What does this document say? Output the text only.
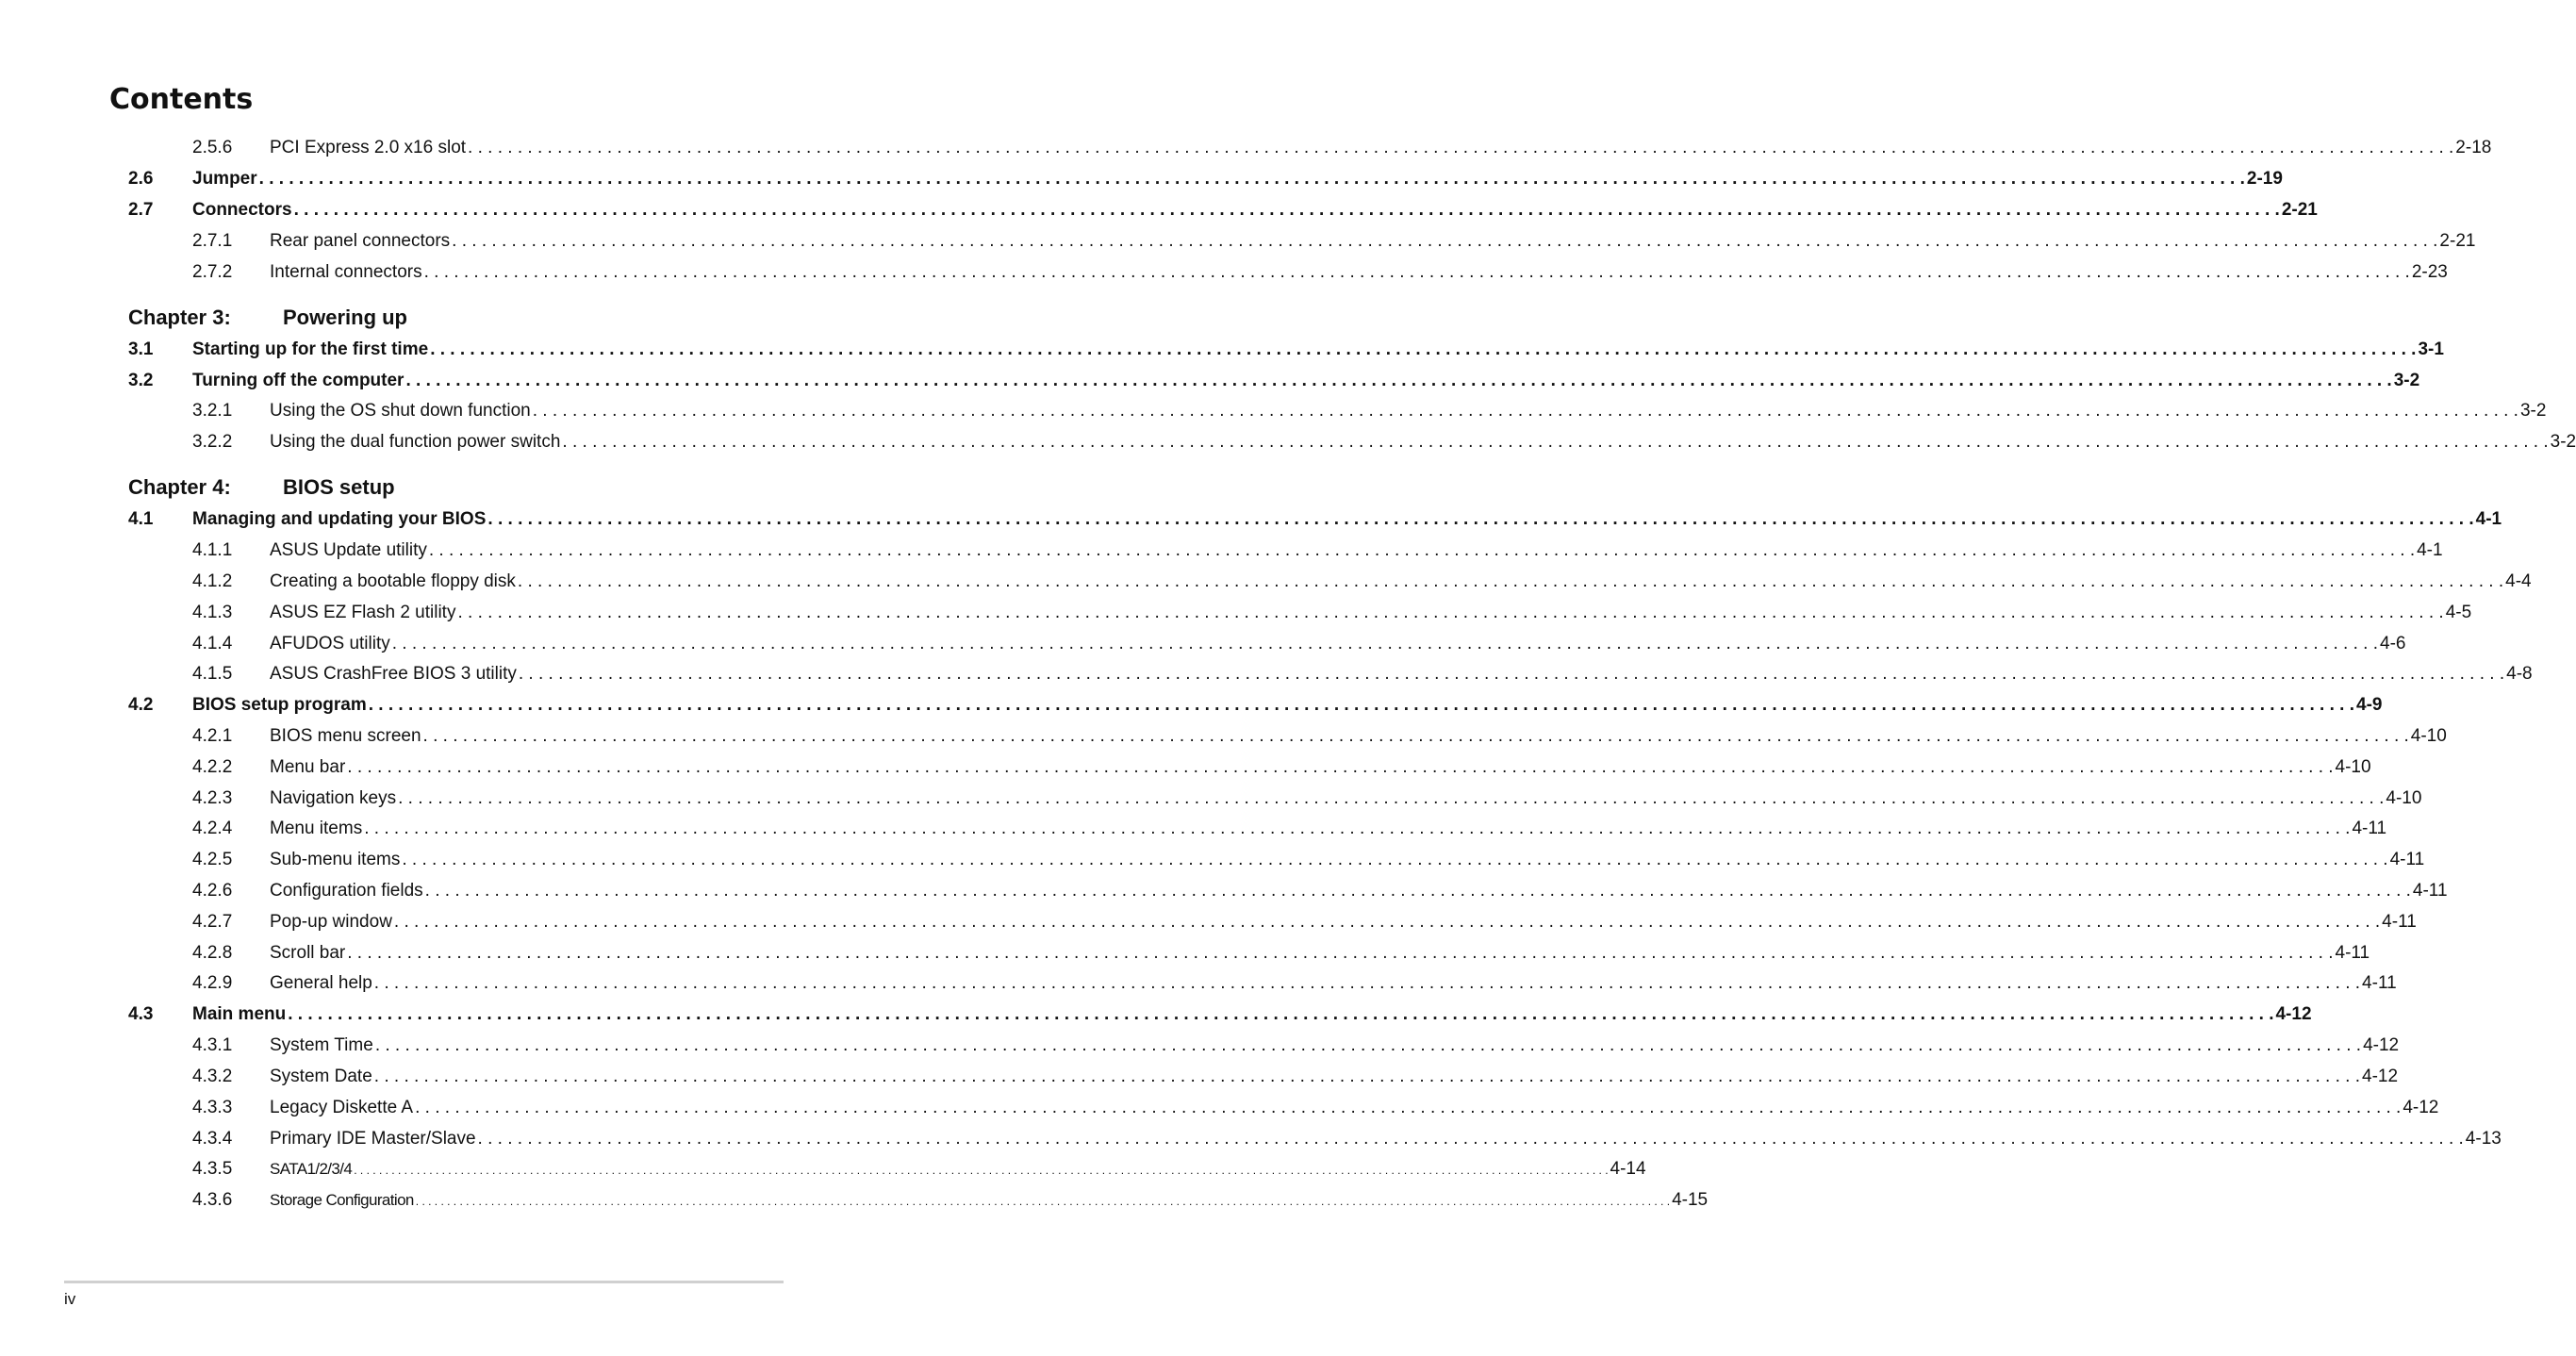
Contents
2.5.6 PCI Express 2.0 x16 slot . . . . . . . . . . . . . . . . . . . . . . . . . . . . . . . . . . . . . . . . . . . . . . . . . . . . . . . . . . . . . . . . . . . . . . . . . . . . . . . . . . . . . . . . . . . . . . . . . . . . . . . . . . . . . . . . . . . . . . . . . . . . . . . . . . . . . . . . . . . . . . . . . . . . . . . . . . . . . . . . . . . . . . . . . . . . . . . . . . . . . . . . . . . . . . . . . . . . . . . . 2-18
2.6 Jumper . . . . . . . . . . . . . . . . . . . . . . . . . . . . . . . . . . . . . . . . . . . . . . . . . . . . . . . . . . . . . . . . . . . . . . . . . . . . . . . . . . . . . . . . . . . . . . . . . . . . . . . . . . . . . . . . . . . . . . . . . . . . . . . . . . . . . . . . . . . . . . . . . . . . . . . . . . . . . . . . . . . . . . . . . . . . . . . . . . . . . . . . . . . . . . . . . . . . . . . . 2-19
2.7 Connectors . . . . . . . . . . . . . . . . . . . . . . . . . . . . . . . . . . . . . . . . . . . . . . . . . . . . . . . . . . . . . . . . . . . . . . . . . . . . . . . . . . . . . . . . . . . . . . . . . . . . . . . . . . . . . . . . . . . . . . . . . . . . . . . . . . . . . . . . . . . . . . . . . . . . . . . . . . . . . . . . . . . . . . . . . . . . . . . . . . . . . . . . . . . . . . . . . . . . . . . . 2-21
2.7.1 Rear panel connectors . . . . . . . . . . . . . . . . . . . . . . . . . . . . . . . . . . . . . . . . . . . . . . . . . . . . . . . . . . . . . . . . . . . . . . . . . . . . . . . . . . . . . . . . . . . . . . . . . . . . . . . . . . . . . . . . . . . . . . . . . . . . . . . . . . . . . . . . . . . . . . . . . . . . . . . . . . . . . . . . . . . . . . . . . . . . . . . . . . . . . . . . . . . . . . . . . . . . . . . . 2-21
2.7.2 Internal connectors . . . . . . . . . . . . . . . . . . . . . . . . . . . . . . . . . . . . . . . . . . . . . . . . . . . . . . . . . . . . . . . . . . . . . . . . . . . . . . . . . . . . . . . . . . . . . . . . . . . . . . . . . . . . . . . . . . . . . . . . . . . . . . . . . . . . . . . . . . . . . . . . . . . . . . . . . . . . . . . . . . . . . . . . . . . . . . . . . . . . . . . . . . . . . . . . . . . . . . . . 2-23
Chapter 3:	Powering up
3.1 Starting up for the first time . . . . . . . . . . . . . . . . . . . . . . . . . . . . . . . . . . . . . . . . . . . . . . . . . . . . . . . . . . . . . . . . . . . . . . . . . . . . . . . . . . . . . . . . . . . . . . . . . . . . . . . . . . . . . . . . . . . . . . . . . . . . . . . . . . . . . . . . . . . . . . . . . . . . . . . . . . . . . . . . . . . . . . . . . . . . . . . . . . . . . . . . . . . . . . . . . . . . . . . . 3-1
3.2 Turning off the computer . . . . . . . . . . . . . . . . . . . . . . . . . . . . . . . . . . . . . . . . . . . . . . . . . . . . . . . . . . . . . . . . . . . . . . . . . . . . . . . . . . . . . . . . . . . . . . . . . . . . . . . . . . . . . . . . . . . . . . . . . . . . . . . . . . . . . . . . . . . . . . . . . . . . . . . . . . . . . . . . . . . . . . . . . . . . . . . . . . . . . . . . . . . . . . . . . . . . . . . . 3-2
3.2.1 Using the OS shut down function . . . . . . . . . . . . . . . . . . . . . . . . . . . . . . . . . . . . . . . . . . . . . . . . . . . . . . . . . . . . . . . . . . . . . . . . . . . . . . . . . . . . . . . . . . . . . . . . . . . . . . . . . . . . . . . . . . . . . . . . . . . . . . . . . . . . . . . . . . . . . . . . . . . . . . . . . . . . . . . . . . . . . . . . . . . . . . . . . . . . . . . . . . . . . . . . . . . . . . . . 3-2
3.2.2 Using the dual function power switch . . . . . . . . . . . . . . . . . . . . . . . . . . . . . . . . . . . . . . . . . . . . . . . . . . . . . . . . . . . . . . . . . . . . . . . . . . . . . . . . . . . . . . . . . . . . . . . . . . . . . . . . . . . . . . . . . . . . . . . . . . . . . . . . . . . . . . . . . . . . . . . . . . . . . . . . . . . . . . . . . . . . . . . . . . . . . . . . . . . . . . . . . . . . . . . . . . . . . . . . 3-2
Chapter 4:	BIOS setup
4.1 Managing and updating your BIOS . . . . . . . . . . . . . . . . . . . . . . . . . . . . . . . . . . . . . . . . . . . . . . . . . . . . . . . . . . . . . . . . . . . . . . . . . . . . . . . . . . . . . . . . . . . . . . . . . . . . . . . . . . . . . . . . . . . . . . . . . . . . . . . . . . . . . . . . . . . . . . . . . . . . . . . . . . . . . . . . . . . . . . . . . . . . . . . . . . . . . . . . . . . . . . . . . . . . . . . . 4-1
4.1.1 ASUS Update utility . . . . . . . . . . . . . . . . . . . . . . . . . . . . . . . . . . . . . . . . . . . . . . . . . . . . . . . . . . . . . . . . . . . . . . . . . . . . . . . . . . . . . . . . . . . . . . . . . . . . . . . . . . . . . . . . . . . . . . . . . . . . . . . . . . . . . . . . . . . . . . . . . . . . . . . . . . . . . . . . . . . . . . . . . . . . . . . . . . . . . . . . . . . . . . . . . . . . . . . . 4-1
4.1.2 Creating a bootable floppy disk . . . . . . . . . . . . . . . . . . . . . . . . . . . . . . . . . . . . . . . . . . . . . . . . . . . . . . . . . . . . . . . . . . . . . . . . . . . . . . . . . . . . . . . . . . . . . . . . . . . . . . . . . . . . . . . . . . . . . . . . . . . . . . . . . . . . . . . . . . . . . . . . . . . . . . . . . . . . . . . . . . . . . . . . . . . . . . . . . . . . . . . . . . . . . . . . . . . . . . . . 4-4
4.1.3 ASUS EZ Flash 2 utility . . . . . . . . . . . . . . . . . . . . . . . . . . . . . . . . . . . . . . . . . . . . . . . . . . . . . . . . . . . . . . . . . . . . . . . . . . . . . . . . . . . . . . . . . . . . . . . . . . . . . . . . . . . . . . . . . . . . . . . . . . . . . . . . . . . . . . . . . . . . . . . . . . . . . . . . . . . . . . . . . . . . . . . . . . . . . . . . . . . . . . . . . . . . . . . . . . . . . . . . 4-5
4.1.4 AFUDOS utility . . . . . . . . . . . . . . . . . . . . . . . . . . . . . . . . . . . . . . . . . . . . . . . . . . . . . . . . . . . . . . . . . . . . . . . . . . . . . . . . . . . . . . . . . . . . . . . . . . . . . . . . . . . . . . . . . . . . . . . . . . . . . . . . . . . . . . . . . . . . . . . . . . . . . . . . . . . . . . . . . . . . . . . . . . . . . . . . . . . . . . . . . . . . . . . . . . . . . . . . 4-6
4.1.5 ASUS CrashFree BIOS 3 utility . . . . . . . . . . . . . . . . . . . . . . . . . . . . . . . . . . . . . . . . . . . . . . . . . . . . . . . . . . . . . . . . . . . . . . . . . . . . . . . . . . . . . . . . . . . . . . . . . . . . . . . . . . . . . . . . . . . . . . . . . . . . . . . . . . . . . . . . . . . . . . . . . . . . . . . . . . . . . . . . . . . . . . . . . . . . . . . . . . . . . . . . . . . . . . . . . . . . . . . . 4-8
4.2 BIOS setup program . . . . . . . . . . . . . . . . . . . . . . . . . . . . . . . . . . . . . . . . . . . . . . . . . . . . . . . . . . . . . . . . . . . . . . . . . . . . . . . . . . . . . . . . . . . . . . . . . . . . . . . . . . . . . . . . . . . . . . . . . . . . . . . . . . . . . . . . . . . . . . . . . . . . . . . . . . . . . . . . . . . . . . . . . . . . . . . . . . . . . . . . . . . . . . . . . . . . . . . . 4-9
4.2.1 BIOS menu screen . . . . . . . . . . . . . . . . . . . . . . . . . . . . . . . . . . . . . . . . . . . . . . . . . . . . . . . . . . . . . . . . . . . . . . . . . . . . . . . . . . . . . . . . . . . . . . . . . . . . . . . . . . . . . . . . . . . . . . . . . . . . . . . . . . . . . . . . . . . . . . . . . . . . . . . . . . . . . . . . . . . . . . . . . . . . . . . . . . . . . . . . . . . . . . . . . . . . . . . . 4-10
4.2.2 Menu bar . . . . . . . . . . . . . . . . . . . . . . . . . . . . . . . . . . . . . . . . . . . . . . . . . . . . . . . . . . . . . . . . . . . . . . . . . . . . . . . . . . . . . . . . . . . . . . . . . . . . . . . . . . . . . . . . . . . . . . . . . . . . . . . . . . . . . . . . . . . . . . . . . . . . . . . . . . . . . . . . . . . . . . . . . . . . . . . . . . . . . . . . . . . . . . . . . . . . . . . . 4-10
4.2.3 Navigation keys . . . . . . . . . . . . . . . . . . . . . . . . . . . . . . . . . . . . . . . . . . . . . . . . . . . . . . . . . . . . . . . . . . . . . . . . . . . . . . . . . . . . . . . . . . . . . . . . . . . . . . . . . . . . . . . . . . . . . . . . . . . . . . . . . . . . . . . . . . . . . . . . . . . . . . . . . . . . . . . . . . . . . . . . . . . . . . . . . . . . . . . . . . . . . . . . . . . . . . . . 4-10
4.2.4 Menu items . . . . . . . . . . . . . . . . . . . . . . . . . . . . . . . . . . . . . . . . . . . . . . . . . . . . . . . . . . . . . . . . . . . . . . . . . . . . . . . . . . . . . . . . . . . . . . . . . . . . . . . . . . . . . . . . . . . . . . . . . . . . . . . . . . . . . . . . . . . . . . . . . . . . . . . . . . . . . . . . . . . . . . . . . . . . . . . . . . . . . . . . . . . . . . . . . . . . . . . . 4-11
4.2.5 Sub-menu items . . . . . . . . . . . . . . . . . . . . . . . . . . . . . . . . . . . . . . . . . . . . . . . . . . . . . . . . . . . . . . . . . . . . . . . . . . . . . . . . . . . . . . . . . . . . . . . . . . . . . . . . . . . . . . . . . . . . . . . . . . . . . . . . . . . . . . . . . . . . . . . . . . . . . . . . . . . . . . . . . . . . . . . . . . . . . . . . . . . . . . . . . . . . . . . . . . . . . . . . 4-11
4.2.6 Configuration fields . . . . . . . . . . . . . . . . . . . . . . . . . . . . . . . . . . . . . . . . . . . . . . . . . . . . . . . . . . . . . . . . . . . . . . . . . . . . . . . . . . . . . . . . . . . . . . . . . . . . . . . . . . . . . . . . . . . . . . . . . . . . . . . . . . . . . . . . . . . . . . . . . . . . . . . . . . . . . . . . . . . . . . . . . . . . . . . . . . . . . . . . . . . . . . . . . . . . . . . . 4-11
4.2.7 Pop-up window . . . . . . . . . . . . . . . . . . . . . . . . . . . . . . . . . . . . . . . . . . . . . . . . . . . . . . . . . . . . . . . . . . . . . . . . . . . . . . . . . . . . . . . . . . . . . . . . . . . . . . . . . . . . . . . . . . . . . . . . . . . . . . . . . . . . . . . . . . . . . . . . . . . . . . . . . . . . . . . . . . . . . . . . . . . . . . . . . . . . . . . . . . . . . . . . . . . . . . . . 4-11
4.2.8 Scroll bar . . . . . . . . . . . . . . . . . . . . . . . . . . . . . . . . . . . . . . . . . . . . . . . . . . . . . . . . . . . . . . . . . . . . . . . . . . . . . . . . . . . . . . . . . . . . . . . . . . . . . . . . . . . . . . . . . . . . . . . . . . . . . . . . . . . . . . . . . . . . . . . . . . . . . . . . . . . . . . . . . . . . . . . . . . . . . . . . . . . . . . . . . . . . . . . . . . . . . . . . 4-11
4.2.9 General help . . . . . . . . . . . . . . . . . . . . . . . . . . . . . . . . . . . . . . . . . . . . . . . . . . . . . . . . . . . . . . . . . . . . . . . . . . . . . . . . . . . . . . . . . . . . . . . . . . . . . . . . . . . . . . . . . . . . . . . . . . . . . . . . . . . . . . . . . . . . . . . . . . . . . . . . . . . . . . . . . . . . . . . . . . . . . . . . . . . . . . . . . . . . . . . . . . . . . . . . 4-11
4.3 Main menu . . . . . . . . . . . . . . . . . . . . . . . . . . . . . . . . . . . . . . . . . . . . . . . . . . . . . . . . . . . . . . . . . . . . . . . . . . . . . . . . . . . . . . . . . . . . . . . . . . . . . . . . . . . . . . . . . . . . . . . . . . . . . . . . . . . . . . . . . . . . . . . . . . . . . . . . . . . . . . . . . . . . . . . . . . . . . . . . . . . . . . . . . . . . . . . . . . . . . . . . 4-12
4.3.1 System Time . . . . . . . . . . . . . . . . . . . . . . . . . . . . . . . . . . . . . . . . . . . . . . . . . . . . . . . . . . . . . . . . . . . . . . . . . . . . . . . . . . . . . . . . . . . . . . . . . . . . . . . . . . . . . . . . . . . . . . . . . . . . . . . . . . . . . . . . . . . . . . . . . . . . . . . . . . . . . . . . . . . . . . . . . . . . . . . . . . . . . . . . . . . . . . . . . . . . . . . . 4-12
4.3.2 System Date . . . . . . . . . . . . . . . . . . . . . . . . . . . . . . . . . . . . . . . . . . . . . . . . . . . . . . . . . . . . . . . . . . . . . . . . . . . . . . . . . . . . . . . . . . . . . . . . . . . . . . . . . . . . . . . . . . . . . . . . . . . . . . . . . . . . . . . . . . . . . . . . . . . . . . . . . . . . . . . . . . . . . . . . . . . . . . . . . . . . . . . . . . . . . . . . . . . . . . . . 4-12
4.3.3 Legacy Diskette A . . . . . . . . . . . . . . . . . . . . . . . . . . . . . . . . . . . . . . . . . . . . . . . . . . . . . . . . . . . . . . . . . . . . . . . . . . . . . . . . . . . . . . . . . . . . . . . . . . . . . . . . . . . . . . . . . . . . . . . . . . . . . . . . . . . . . . . . . . . . . . . . . . . . . . . . . . . . . . . . . . . . . . . . . . . . . . . . . . . . . . . . . . . . . . . . . . . . . . . . 4-12
4.3.4 Primary IDE Master/Slave . . . . . . . . . . . . . . . . . . . . . . . . . . . . . . . . . . . . . . . . . . . . . . . . . . . . . . . . . . . . . . . . . . . . . . . . . . . . . . . . . . . . . . . . . . . . . . . . . . . . . . . . . . . . . . . . . . . . . . . . . . . . . . . . . . . . . . . . . . . . . . . . . . . . . . . . . . . . . . . . . . . . . . . . . . . . . . . . . . . . . . . . . . . . . . . . . . . . . . . . 4-13
4.3.5 SATA1/2/3/4 . . . . . . . . . . . . . . . . . . . . . . . . . . . . . . . . . . . . . . . . . . . . . . . . . . . . . . . . . . . . . . . . . . . . . . . . . . . . . . . . . . . . . . . . . . . . . . . . . . . . . . . . . . . . . . . . . . . . . . . . . . . . . . . . . . . . . . . . . . . . . . . . . . . . . . . . . . . . . . . . . . . . . . . . . . . . . . . . . . . . . . . . . . . . . . . . . . . . . . . . 4-14
4.3.6 Storage Configuration . . . . . . . . . . . . . . . . . . . . . . . . . . . . . . . . . . . . . . . . . . . . . . . . . . . . . . . . . . . . . . . . . . . . . . . . . . . . . . . . . . . . . . . . . . . . . . . . . . . . . . . . . . . . . . . . . . . . . . . . . . . . . . . . . . . . . . . . . . . . . . . . . . . . . . . . . . . . . . . . . . . . . . . . . . . . . . . . . . . . . . . . . . . . . . . . . . . . . . . . 4-15
iv
